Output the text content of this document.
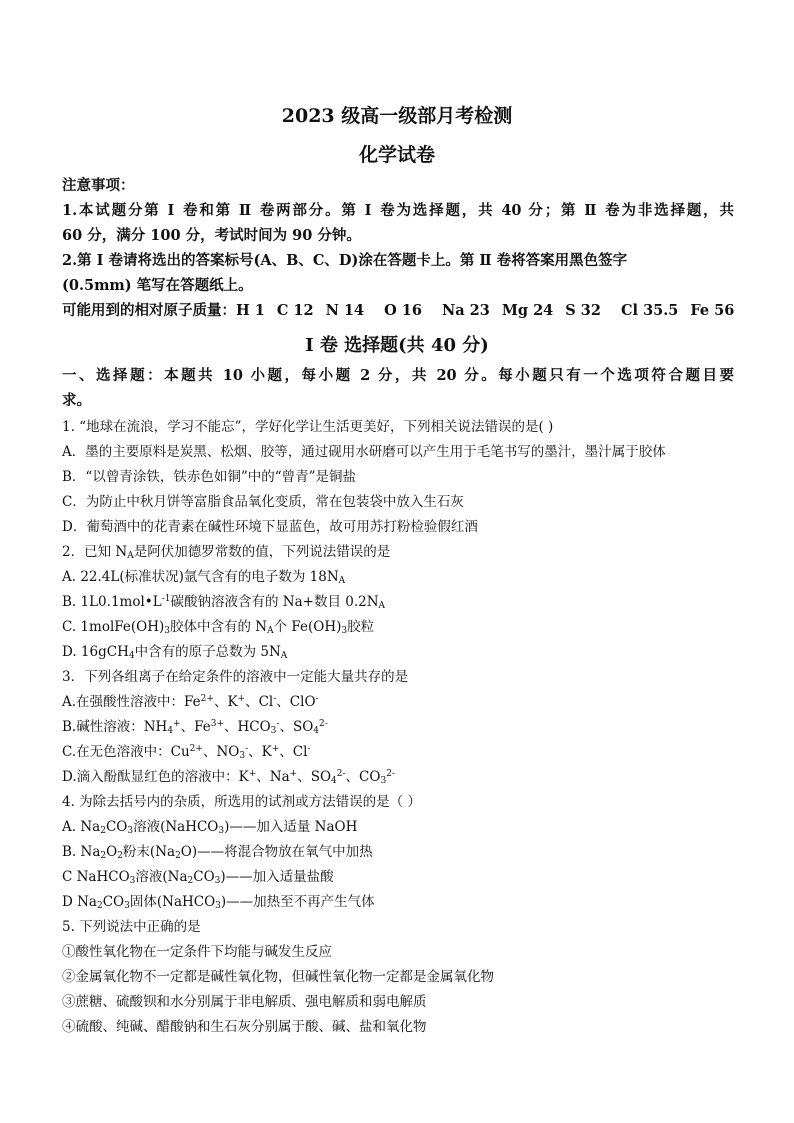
2023 级高一级部月考检测
化学试卷
注意事项：
1.本试题分第 Ⅰ 卷和第 Ⅱ 卷两部分。第 Ⅰ 卷为选择题，共 40 分；第 Ⅱ 卷为非选择题，共
60 分，满分 100 分，考试时间为 90 分钟。
2.第 Ⅰ 卷请将选出的答案标号(A、B、C、D)涂在答题卡上。第 Ⅱ 卷将答案用黑色签字
(0.5mm) 笔写在答题纸上。
可能用到的相对原子质量：H 1 C 12 N 14 O 16 Na 23 Mg 24 S 32 Cl 35.5 Fe 56
Ⅰ 卷 选择题(共 40 分)
一、选择题：本题共 10 小题，每小题 2 分，共 20 分。每小题只有一个选项符合题目要
求。
1. “地球在流浪，学习不能忘”，学好化学让生活更美好，下列相关说法错误的是( )
A．墨的主要原料是炭黑、松烟、胶等，通过砚用水研磨可以产生用于毛笔书写的墨汁，墨汁属于胶体
B．“以曾青涂铁，铁赤色如铜”中的“曾青”是铜盐
C．为防止中秋月饼等富脂食品氧化变质，常在包装袋中放入生石灰
D．葡萄酒中的花青素在碱性环境下显蓝色，故可用苏打粉检验假红酒
2．已知 $N_A$是阿伏加德罗常数的值，下列说法错误的是
A. 22.4L(标准状况)氩气含有的电子数为 $18N_A$
B. $1L0.1mol•L^{-1}$碳酸钠溶液含有的 Na+数目 $0.2N_A$
C. $1molFe(OH)_3$胶体中含有的 $N_A$个 $Fe(OH)_3$胶粒
D. 16gCH$_4$中含有的原子总数为 $5N_A$
3．下列各组离子在给定条件的溶液中一定能大量共存的是
A.在强酸性溶液中：$Fe^{2+}$、K+、Cl-、ClO-
B.碱性溶液：$NH_4^+$、$Fe^{3+}$、$HCO_3^-$、$SO_4^{2-}$
C.在无色溶液中：$Cu^{2+}$、$NO_3^-$、K+、Cl-
D.滴入酚酞显红色的溶液中：K+、Na+、$SO_4^{2-}$、$CO_3^{2-}$
4. 为除去括号内的杂质，所选用的试剂或方法错误的是（ ）
A. $Na_2CO_3$溶液(NaHCO$_3$)——加入适量 NaOH
B. $Na_2O_2$粉末$(Na_2O)——$将混合物放在氧气中加热
C NaHCO$_3$溶液$(Na_2CO_3)——$加入适量盐酸
D $Na_2CO_3$固体(NaHCO$_3$)——加热至不再产生气体
5. 下列说法中正确的是
①酸性氧化物在一定条件下均能与碱发生反应
②金属氧化物不一定都是碱性氧化物，但碱性氧化物一定都是金属氧化物
③蔗糖、硫酸钡和水分别属于非电解质、强电解质和弱电解质
④硫酸、纯碱、醋酸钠和生石灰分别属于酸、碱、盐和氧化物
